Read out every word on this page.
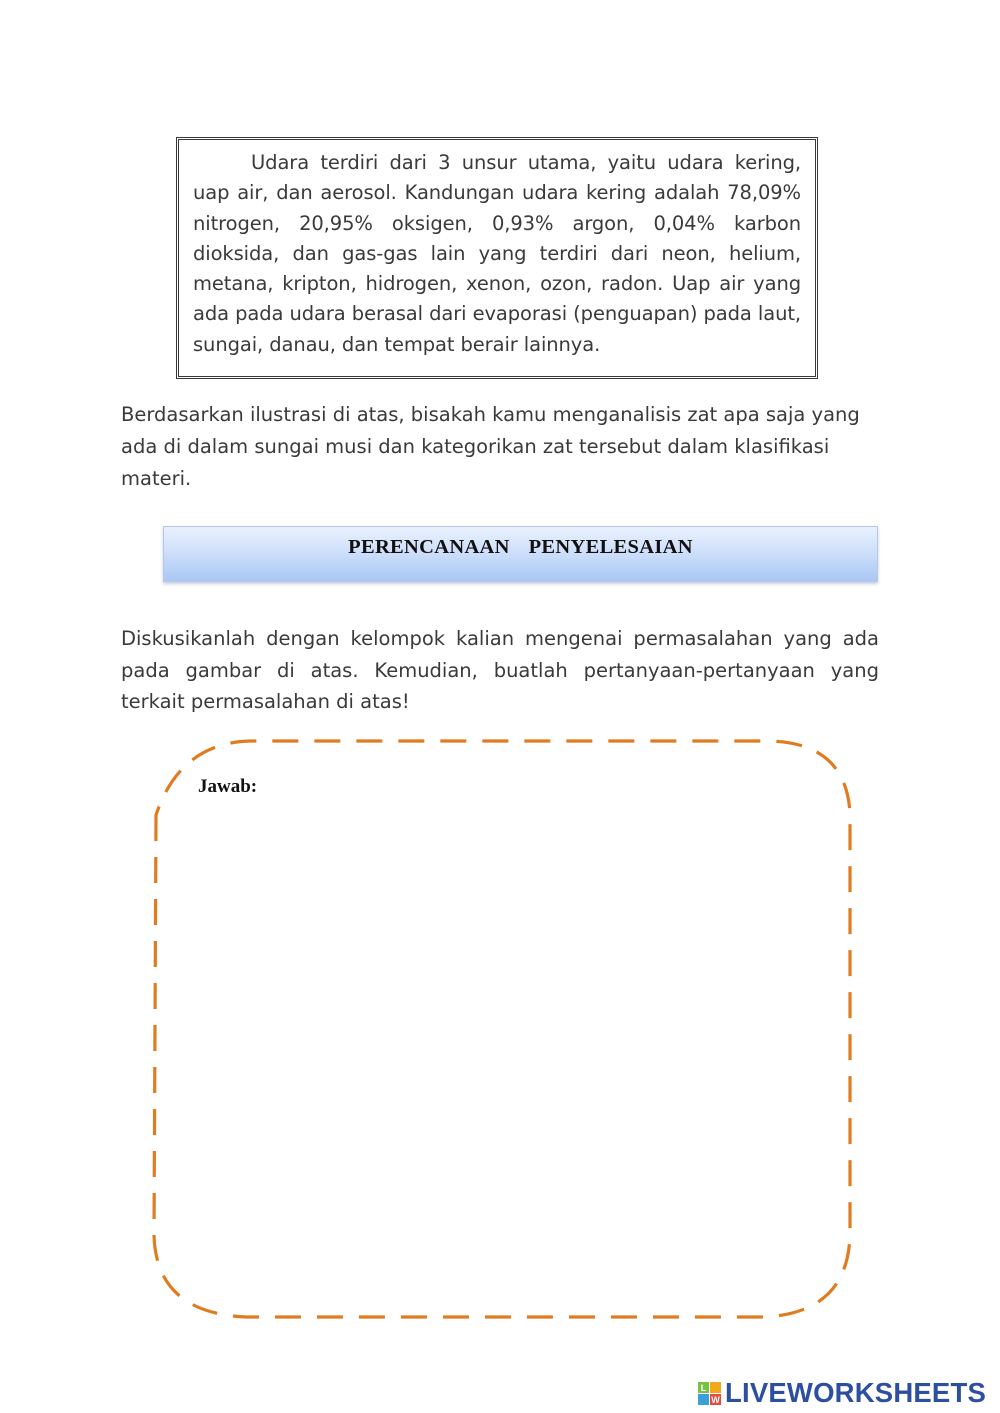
Udara terdiri dari 3 unsur utama, yaitu udara kering, uap air, dan aerosol. Kandungan udara kering adalah 78,09% nitrogen, 20,95% oksigen, 0,93% argon, 0,04% karbon dioksida, dan gas-gas lain yang terdiri dari neon, helium, metana, kripton, hidrogen, xenon, ozon, radon. Uap air yang ada pada udara berasal dari evaporasi (penguapan) pada laut, sungai, danau, dan tempat berair lainnya.

Berdasarkan ilustrasi di atas, bisakah kamu menganalisis zat apa saja yang ada di dalam sungai musi dan kategorikan zat tersebut dalam klasifikasi materi.

PERENCANAAN  PENYELESAIAN

Diskusikanlah dengan kelompok kalian mengenai permasalahan yang ada pada gambar di atas. Kemudian, buatlah pertanyaan-pertanyaan yang terkait permasalahan di atas!

Jawab:
L
W LIVEWORKSHEETS
